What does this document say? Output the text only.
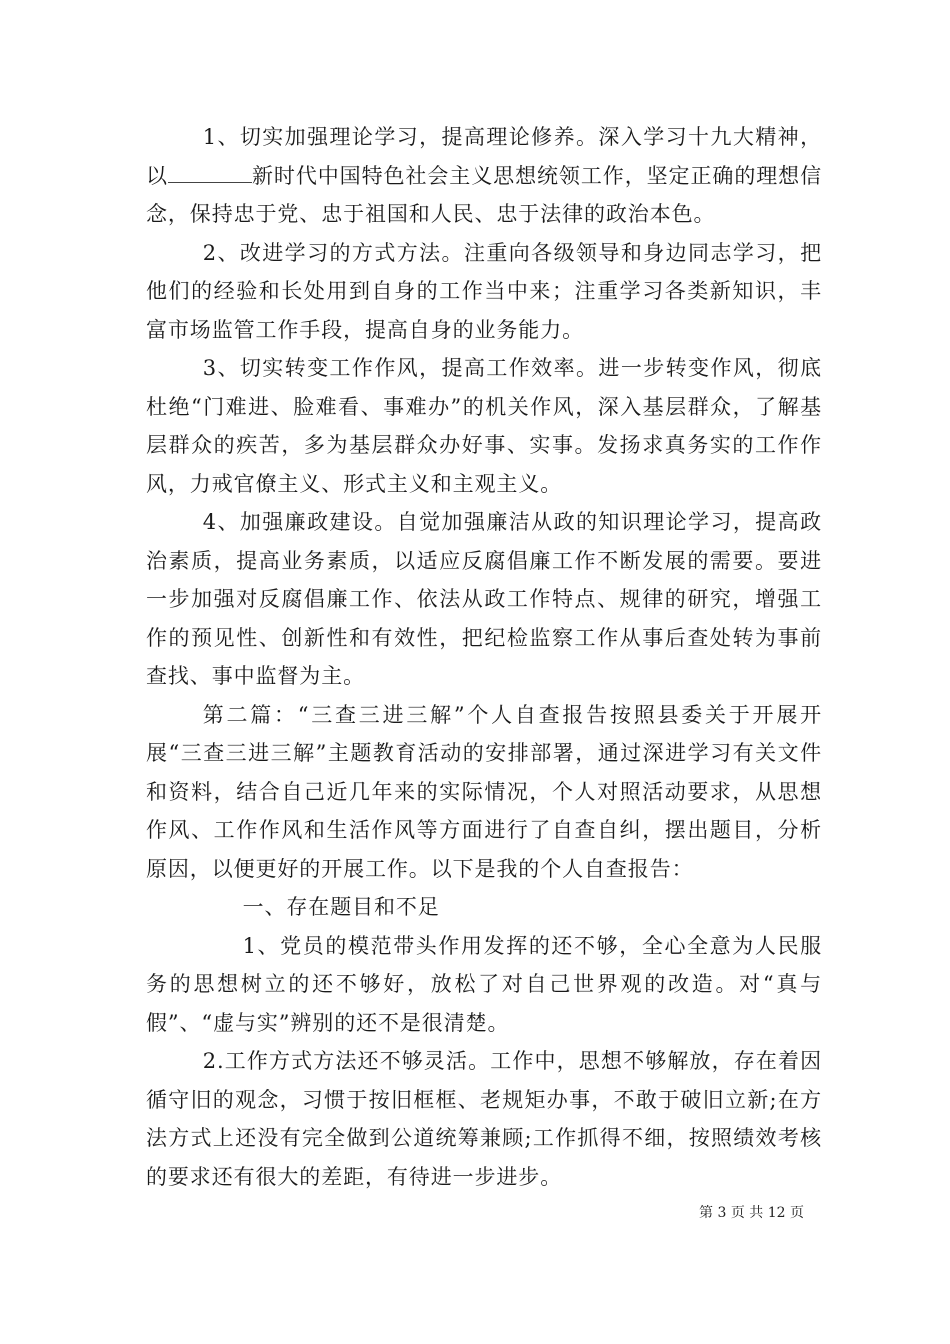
1、切实加强理论学习，提高理论修养。深入学习十九大精神，以	新时代中国特色社会主义思想统领工作，坚定正确的理想信念，保持忠于党、忠于祖国和人民、忠于法律的政治本色。

2、改进学习的方式方法。注重向各级领导和身边同志学习，把他们的经验和长处用到自身的工作当中来；注重学习各类新知识，丰富市场监管工作手段，提高自身的业务能力。

3、切实转变工作作风，提高工作效率。进一步转变作风，彻底杜绝“门难进、脸难看、事难办”的机关作风，深入基层群众，了解基层群众的疾苦，多为基层群众办好事、实事。发扬求真务实的工作作风，力戒官僚主义、形式主义和主观主义。

4、加强廉政建设。自觉加强廉洁从政的知识理论学习，提高政治素质，提高业务素质，以适应反腐倡廉工作不断发展的需要。要进一步加强对反腐倡廉工作、依法从政工作特点、规律的研究，增强工作的预见性、创新性和有效性，把纪检监察工作从事后查处转为事前查找、事中监督为主。

第二篇：“三查三进三解”个人自查报告按照县委关于开展开展“三查三进三解”主题教育活动的安排部署，通过深进学习有关文件和资料，结合自己近几年来的实际情况，个人对照活动要求，从思想作风、工作作风和生活作风等方面进行了自查自纠，摆出题目，分析原因，以便更好的开展工作。以下是我的个人自查报告：

一、存在题目和不足

1、党员的模范带头作用发挥的还不够，全心全意为人民服务的思想树立的还不够好，放松了对自己世界观的改造。对“真与假”、“虚与实”辨别的还不是很清楚。

2.工作方式方法还不够灵活。工作中，思想不够解放，存在着因循守旧的观念，习惯于按旧框框、老规矩办事，不敢于破旧立新;在方法方式上还没有完全做到公道统筹兼顾;工作抓得不细，按照绩效考核的要求还有很大的差距，有待进一步进步。

第 3 页 共 12 页
